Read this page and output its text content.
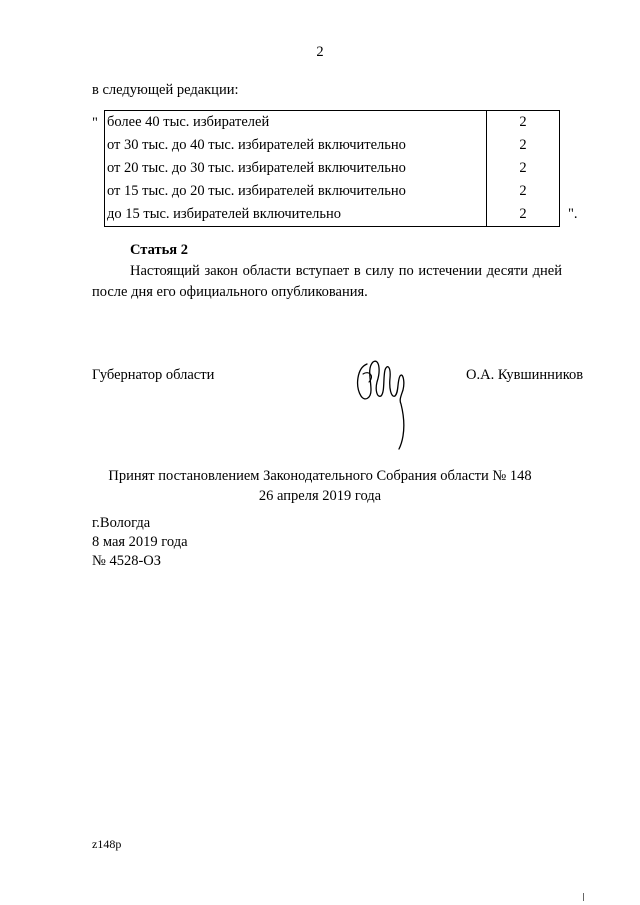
2
в следующей редакции:
" более 40 тыс. избирателей	2
от 30 тыс. до 40 тыс. избирателей включительно	2
от 20 тыс. до 30 тыс. избирателей включительно	2
от 15 тыс. до 20 тыс. избирателей включительно	2
до 15 тыс. избирателей включительно	2	".
Статья 2
Настоящий закон области вступает в силу по истечении десяти дней
после дня его официального опубликования.
Губернатор области	О.А. Кувшинников
Принят постановлением Законодательного Собрания области № 148
26 апреля 2019 года
г.Вологда
8 мая 2019 года
№ 4528-ОЗ
z148p
